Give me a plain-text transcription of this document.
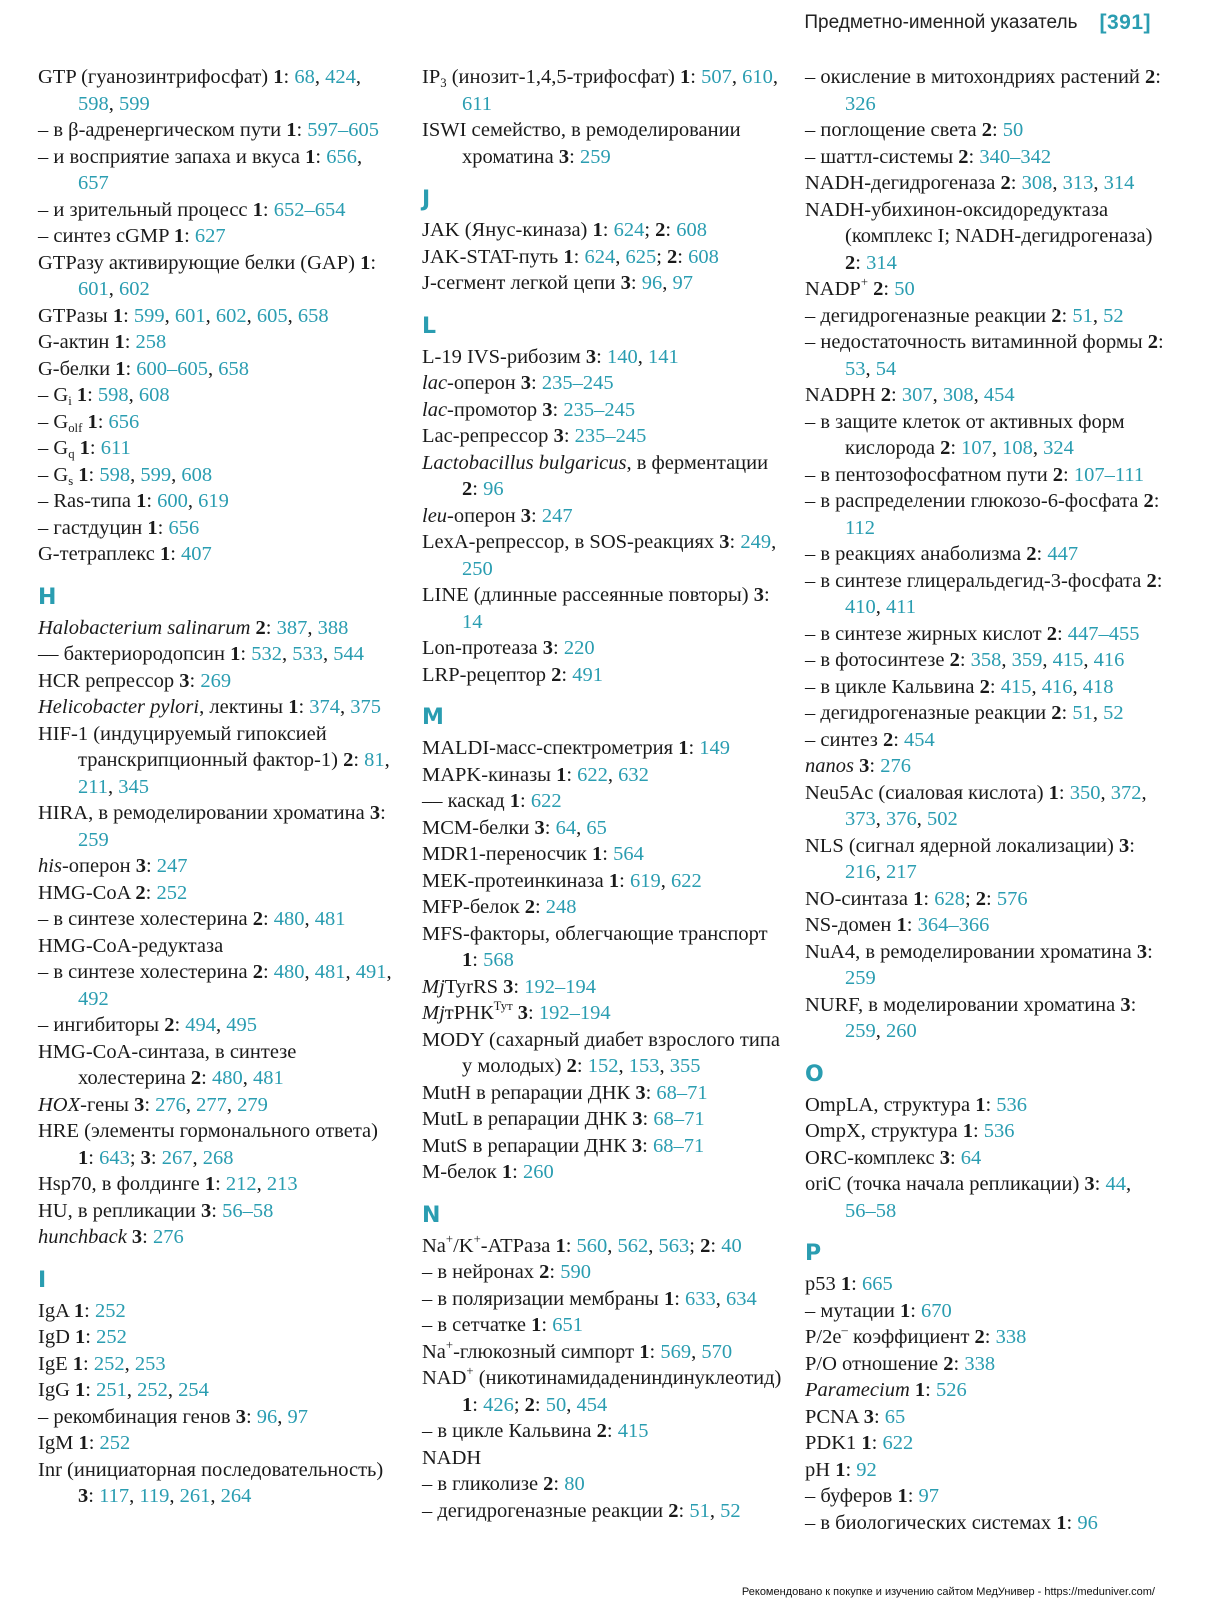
Предметно-именной указатель [391]
GTP (гуанозинтрифосфат) 1: 68, 424, 598, 599
– в β-адренергическом пути 1: 597–605
– и восприятие запаха и вкуса 1: 656, 657
– и зрительный процесс 1: 652–654
– синтез cGMP 1: 627
GTPазу активирующие белки (GAP) 1: 601, 602
GTPазы 1: 599, 601, 602, 605, 658
G-актин 1: 258
G-белки 1: 600–605, 658
– $G_i$ 1: 598, 608
– $G_{olf}$ 1: 656
– $G_q$ 1: 611
– $G_s$ 1: 598, 599, 608
– Ras-типа 1: 600, 619
– гастдуцин 1: 656
G-тетраплекс 1: 407
H
Halobacterium salinarum 2: 387, 388
–– бактериородопсин 1: 532, 533, 544
HCR репрессор 3: 269
Helicobacter pylori, лектины 1: 374, 375
HIF-1 (индуцируемый гипоксией транскрипционный фактор-1) 2: 81, 211, 345
HIRA, в ремоделировании хроматина 3: 259
his-оперон 3: 247
HMG-CoA 2: 252
– в синтезе холестерина 2: 480, 481
HMG-CoA-редуктаза
– в синтезе холестерина 2: 480, 481, 491, 492
– ингибиторы 2: 494, 495
HMG-CoA-синтаза, в синтезе холестерина 2: 480, 481
HOX-гены 3: 276, 277, 279
HRE (элементы гормонального ответа) 1: 643; 3: 267, 268
Hsp70, в фолдинге 1: 212, 213
HU, в репликации 3: 56–58
hunchback 3: 276
I
IgA 1: 252
IgD 1: 252
IgE 1: 252, 253
IgG 1: 251, 252, 254
– рекомбинация генов 3: 96, 97
IgM 1: 252
Inr (инициаторная последовательность) 3: 117, 119, 261, 264
$IP_3$ (инозит-1,4,5-трифосфат) 1: 507, 610, 611
ISWI семейство, в ремоделировании хроматина 3: 259
J
JAK (Янус-киназа) 1: 624; 2: 608
JAK-STAT-путь 1: 624, 625; 2: 608
J-сегмент легкой цепи 3: 96, 97
L
L-19 IVS-рибозим 3: 140, 141
lac-оперон 3: 235–245
lac-промотор 3: 235–245
Lac-репрессор 3: 235–245
Lactobacillus bulgaricus, в ферментации 2: 96
leu-оперон 3: 247
LexA-репрессор, в SOS-реакциях 3: 249, 250
LINE (длинные рассеянные повторы) 3: 14
Lon-протеаза 3: 220
LRP-рецептор 2: 491
M
MALDI-масс-спектрометрия 1: 149
MAPK-киназы 1: 622, 632
–– каскад 1: 622
MCM-белки 3: 64, 65
MDR1-переносчик 1: 564
MEK-протеинкиназа 1: 619, 622
MFP-белок 2: 248
MFS-факторы, облегчающие транспорт 1: 568
MjTyrRS 3: 192–194
MjтРНК$^{Тут}$ 3: 192–194
MODY (сахарный диабет взрослого типа у молодых) 2: 152, 153, 355
MutH в репарации ДНК 3: 68–71
MutL в репарации ДНК 3: 68–71
MutS в репарации ДНК 3: 68–71
M-белок 1: 260
N
Na+/K+-ATPаза 1: 560, 562, 563; 2: 40
– в нейронах 2: 590
– в поляризации мембраны 1: 633, 634
– в сетчатке 1: 651
Na+-глюкозный симпорт 1: 569, 570
NAD+ (никотинамидадениндинуклеотид) 1: 426; 2: 50, 454
– в цикле Кальвина 2: 415
NADH
– в гликолизе 2: 80
– дегидрогеназные реакции 2: 51, 52
– окисление в митохондриях растений 2: 326
– поглощение света 2: 50
– шаттл-системы 2: 340–342
NADH-дегидрогеназа 2: 308, 313, 314
NADH-убихинон-оксидоредуктаза (комплекс I; NADH-дегидрогеназа) 2: 314
NADP+ 2: 50
– дегидрогеназные реакции 2: 51, 52
– недостаточность витаминной формы 2: 53, 54
NADPH 2: 307, 308, 454
– в защите клеток от активных форм кислорода 2: 107, 108, 324
– в пентозофосфатном пути 2: 107–111
– в распределении глюкозо-6-фосфата 2: 112
– в реакциях анаболизма 2: 447
– в синтезе глицеральдегид-3-фосфата 2: 410, 411
– в синтезе жирных кислот 2: 447–455
– в фотосинтезе 2: 358, 359, 415, 416
– в цикле Кальвина 2: 415, 416, 418
– дегидрогеназные реакции 2: 51, 52
– синтез 2: 454
nanos 3: 276
Neu5Ac (сиаловая кислота) 1: 350, 372, 373, 376, 502
NLS (сигнал ядерной локализации) 3: 216, 217
NO-синтаза 1: 628; 2: 576
NS-домен 1: 364–366
NuA4, в ремоделировании хроматина 3: 259
NURF, в моделировании хроматина 3: 259, 260
O
OmpLA, структура 1: 536
OmpX, структура 1: 536
ORC-комплекс 3: 64
oriC (точка начала репликации) 3: 44, 56–58
P
p53 1: 665
– мутации 1: 670
P/2e– коэффициент 2: 338
P/O отношение 2: 338
Paramecium 1: 526
PCNA 3: 65
PDK1 1: 622
pH 1: 92
– буферов 1: 97
– в биологических системах 1: 96
Рекомендовано к покупке и изучению сайтом МедУнивер - https://meduniver.com/
